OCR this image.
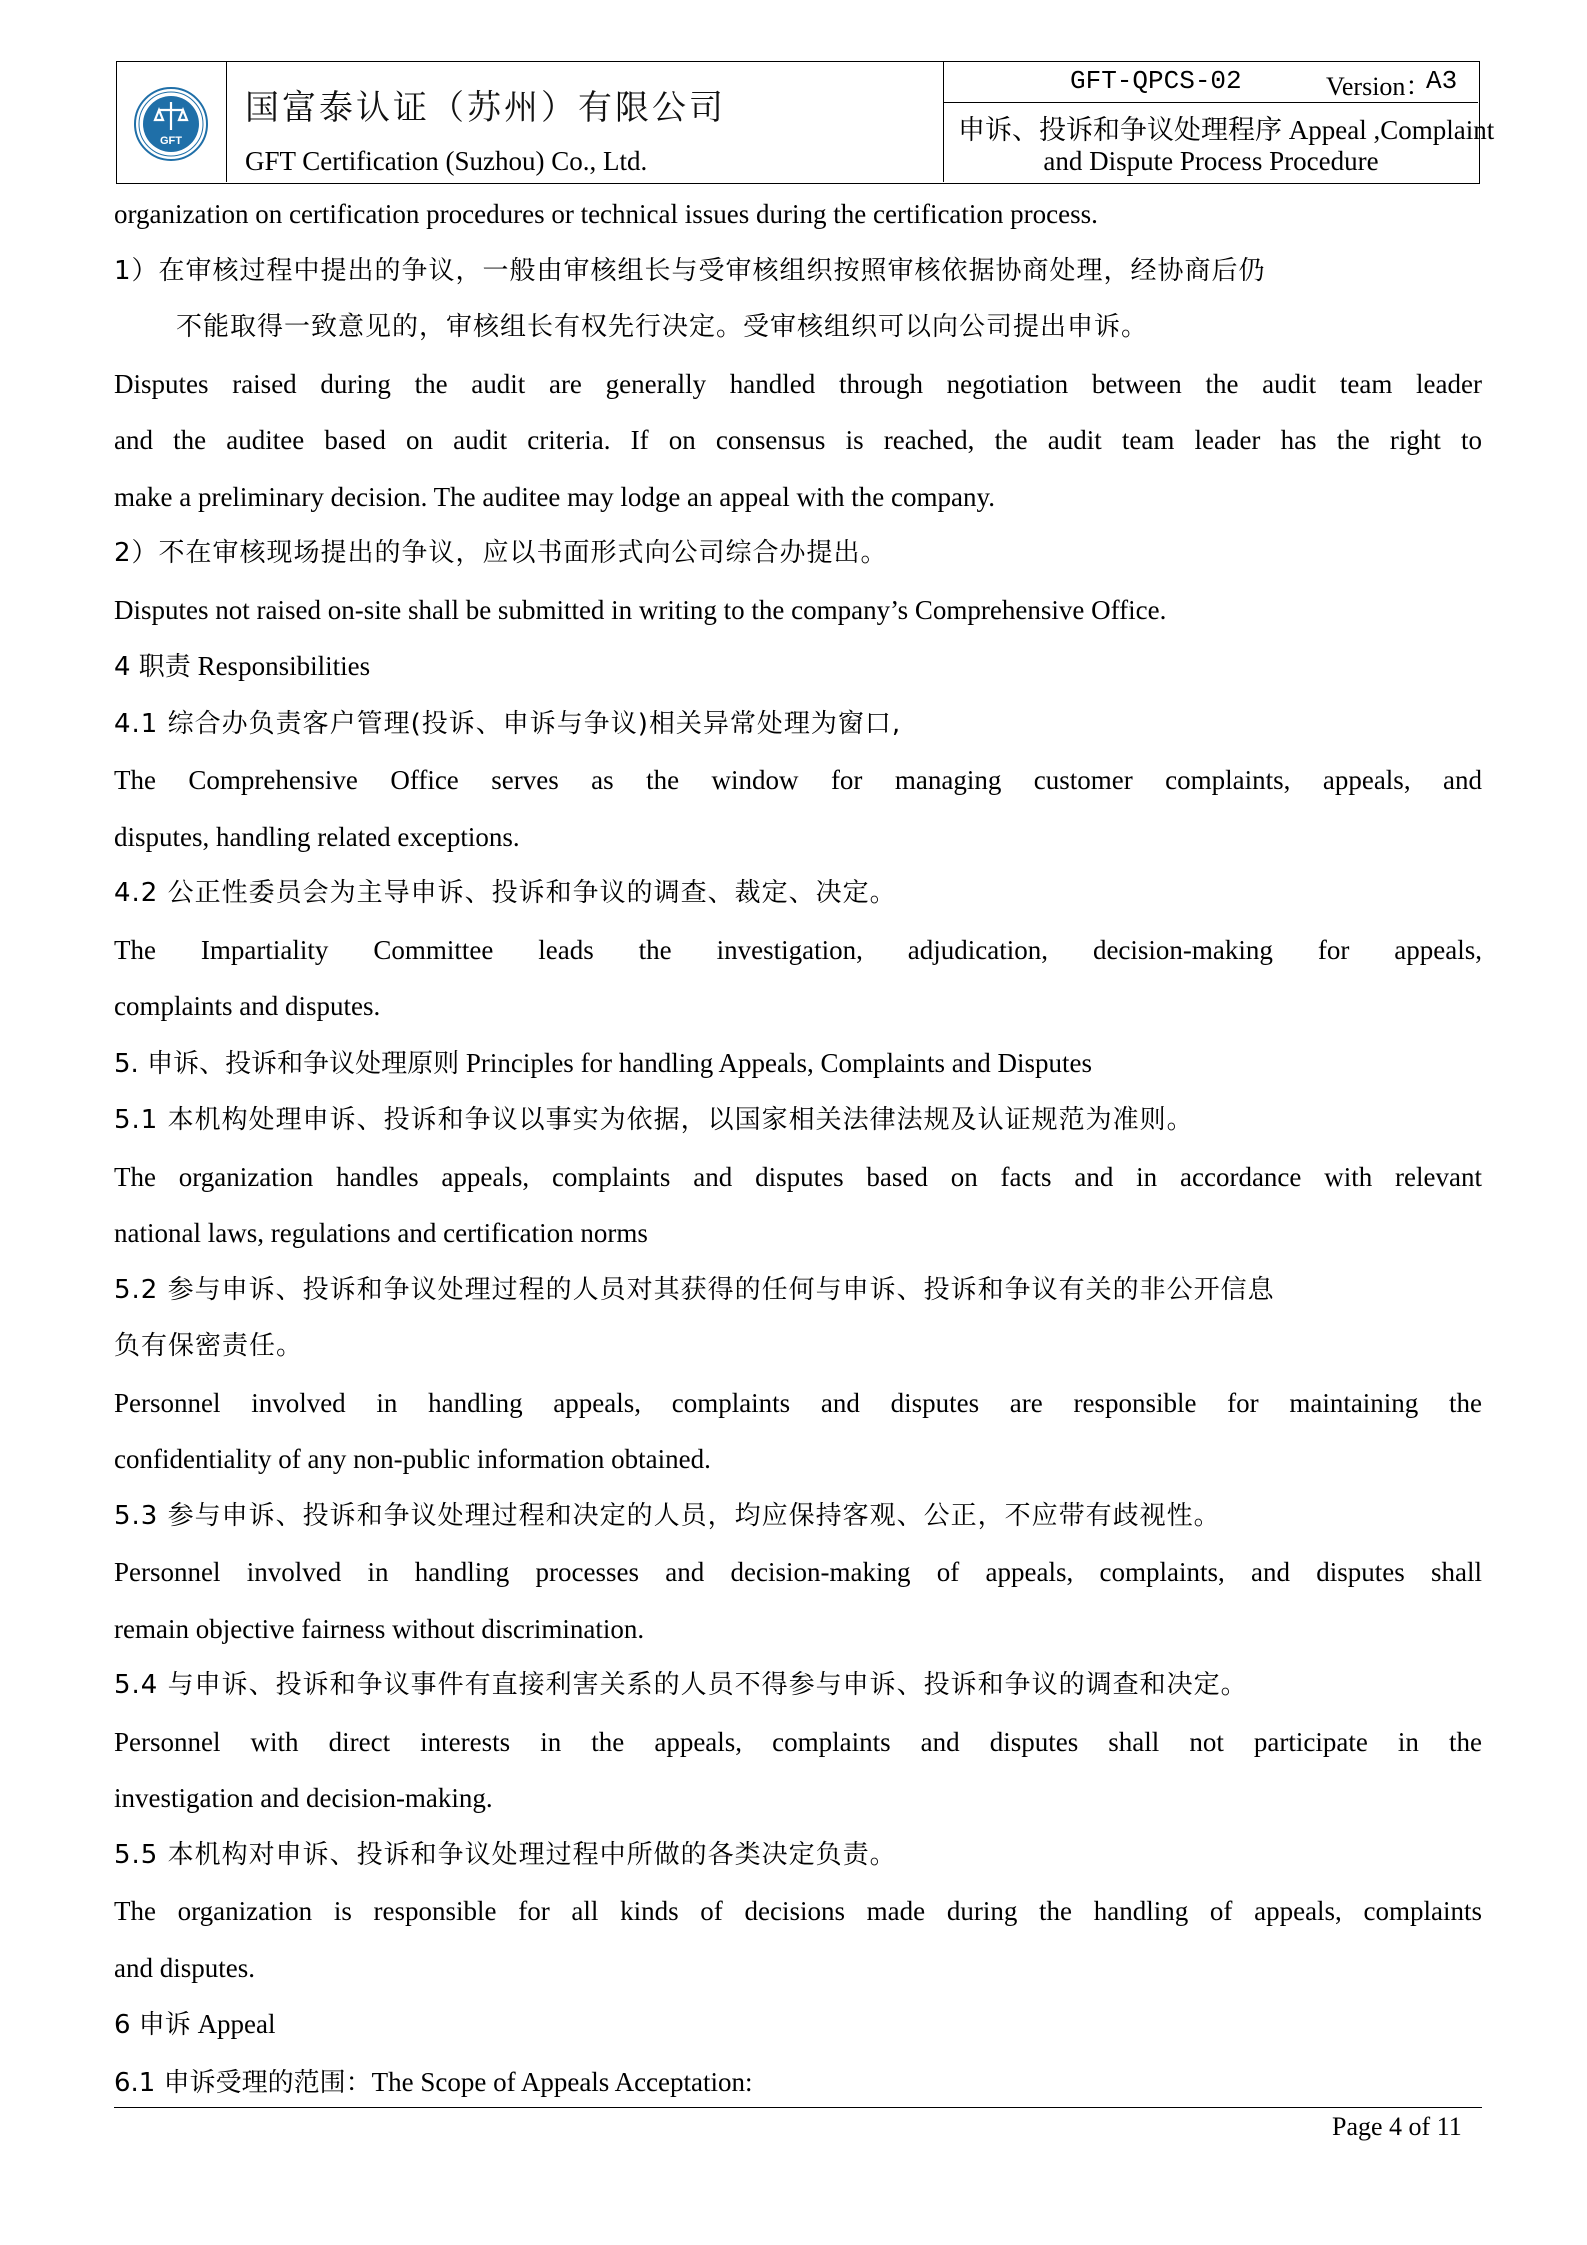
GFT
国富泰认证（苏州）有限公司
GFT Certification (Suzhou) Co., Ltd.
GFT-QPCS-02	Version：
A3
申诉、投诉和争议处理程序 Appeal ,Complaint
and Dispute Process Procedure

organization on certification procedures or technical issues during the certification process.

1）在审核过程中提出的争议，一般由审核组长与受审核组织按照审核依据协商处理，经协商后仍

不能取得一致意见的，审核组长有权先行决定。受审核组织可以向公司提出申诉。

Disputes raised during the audit are generally handled through negotiation between the audit team leader

and the auditee based on audit criteria. If on consensus is reached, the audit team leader has the right to

make a preliminary decision. The auditee may lodge an appeal with the company.

2）不在审核现场提出的争议，应以书面形式向公司综合办提出。

Disputes not raised on-site shall be submitted in writing to the company’s Comprehensive Office.

4 职责 Responsibilities

4.1 综合办负责客户管理(投诉、申诉与争议)相关异常处理为窗口,

The Comprehensive Office serves as the window for managing customer complaints, appeals, and

disputes, handling related exceptions.

4.2 公正性委员会为主导申诉、投诉和争议的调查、裁定、决定。

The Impartiality Committee leads the investigation, adjudication, decision-making for appeals,

complaints and disputes.

5. 申诉、投诉和争议处理原则 Principles for handling Appeals, Complaints and Disputes

5.1 本机构处理申诉、投诉和争议以事实为依据，以国家相关法律法规及认证规范为准则。

The organization handles appeals, complaints and disputes based on facts and in accordance with relevant

national laws, regulations and certification norms

5.2 参与申诉、投诉和争议处理过程的人员对其获得的任何与申诉、投诉和争议有关的非公开信息

负有保密责任。

Personnel involved in handling appeals, complaints and disputes are responsible for maintaining the

confidentiality of any non-public information obtained.

5.3 参与申诉、投诉和争议处理过程和决定的人员，均应保持客观、公正，不应带有歧视性。

Personnel involved in handling processes and decision-making of appeals, complaints, and disputes shall

remain objective fairness without discrimination.

5.4 与申诉、投诉和争议事件有直接利害关系的人员不得参与申诉、投诉和争议的调查和决定。

Personnel with direct interests in the appeals, complaints and disputes shall not participate in the

investigation and decision-making.

5.5 本机构对申诉、投诉和争议处理过程中所做的各类决定负责。

The organization is responsible for all kinds of decisions made during the handling of appeals, complaints

and disputes.

6 申诉 Appeal

6.1 申诉受理的范围：The Scope of Appeals Acceptation:

Page 4 of 11
